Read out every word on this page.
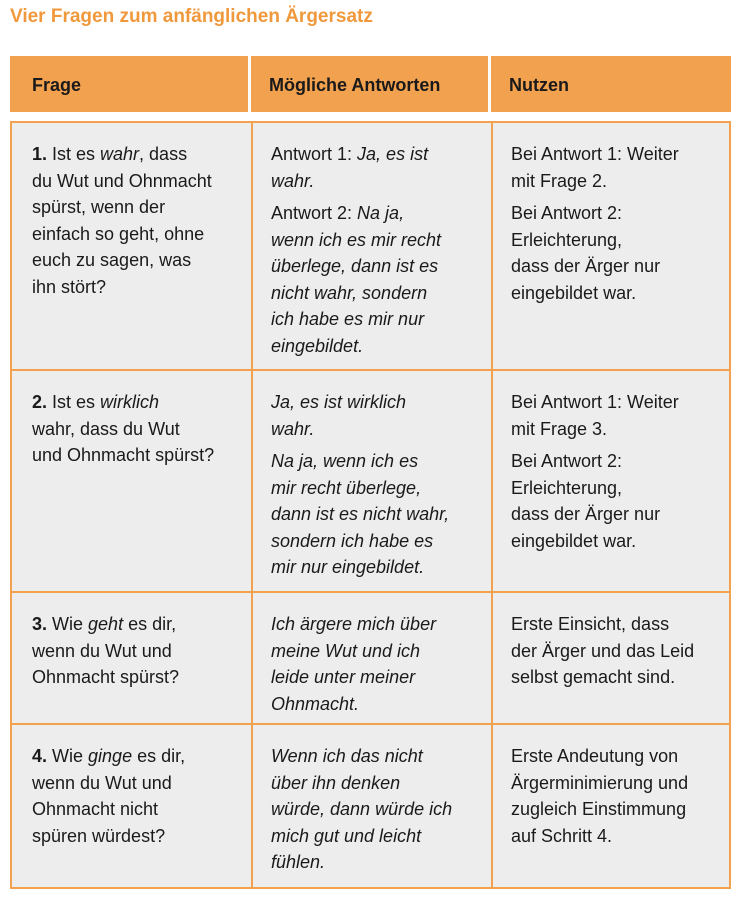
Vier Fragen zum anfänglichen Ärgersatz
Frage	Mögliche Antworten	Nutzen
1. Ist es wahr, dass
du Wut und Ohnmacht
spürst, wenn der
einfach so geht, ohne
euch zu sagen, was
ihn stört?
Antwort 1: Ja, es ist
wahr.
Antwort 2: Na ja,
wenn ich es mir recht
überlege, dann ist es
nicht wahr, sondern
ich habe es mir nur
eingebildet.
Bei Antwort 1: Weiter
mit Frage 2.
Bei Antwort 2:
Erleichterung,
dass der Ärger nur
eingebildet war.
2. Ist es wirklich
wahr, dass du Wut
und Ohnmacht spürst?
Ja, es ist wirklich
wahr.
Na ja, wenn ich es
mir recht überlege,
dann ist es nicht wahr,
sondern ich habe es
mir nur eingebildet.
Bei Antwort 1: Weiter
mit Frage 3.
Bei Antwort 2:
Erleichterung,
dass der Ärger nur
eingebildet war.
3. Wie geht es dir,
wenn du Wut und
Ohnmacht spürst?
Ich ärgere mich über
meine Wut und ich
leide unter meiner
Ohnmacht.
Erste Einsicht, dass
der Ärger und das Leid
selbst gemacht sind.
4. Wie ginge es dir,
wenn du Wut und
Ohnmacht nicht
spüren würdest?
Wenn ich das nicht
über ihn denken
würde, dann würde ich
mich gut und leicht
fühlen.
Erste Andeutung von
Ärgerminimierung und
zugleich Einstimmung
auf Schritt 4.
